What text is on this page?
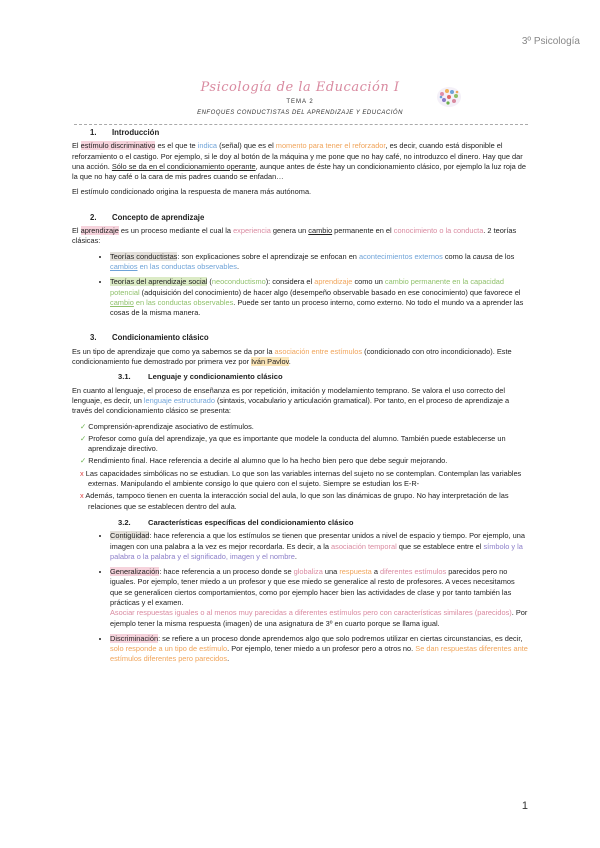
3º Psicología
Psicología de la Educación I
TEMA 2
ENFOQUES CONDUCTISTAS DEL APRENDIZAJE Y EDUCACIÓN
1. Introducción

El estímulo discriminativo es el que te indica (señal) que es el momento para tener el reforzador, es decir, cuando está disponible el reforzamiento o el castigo. Por ejemplo, si le doy al botón de la máquina y me pone que no hay café, no introduzco el dinero. Hay que dar una acción. Sólo se da en el condicionamiento operante, aunque antes de éste hay un condicionamiento clásico, por ejemplo la luz roja de la que no hay café o la cara de mis padres cuando se enfadan…

El estímulo condicionado origina la respuesta de manera más autónoma.

2. Concepto de aprendizaje

El aprendizaje es un proceso mediante el cual la experiencia genera un cambio permanente en el conocimiento o la conducta. 2 teorías clásicas:

• Teorías conductistas: son explicaciones sobre el aprendizaje se enfocan en acontecimientos externos como la causa de los cambios en las conductas observables.
• Teorías del aprendizaje social (neoconductismo): considera el aprendizaje como un cambio permanente en la capacidad potencial (adquisición del conocimiento) de hacer algo (desempeño observable basado en ese conocimiento) que favorece el cambio en las conductas observables. Puede ser tanto un proceso interno, como externo. No todo el mundo va a aprender las cosas de la misma manera.
3. Condicionamiento clásico

Es un tipo de aprendizaje que como ya sabemos se da por la asociación entre estímulos (condicionado con otro incondicionado). Este condicionamiento fue demostrado por primera vez por Iván Pavlov.

3.1. Lenguaje y condicionamiento clásico

En cuanto al lenguaje, el proceso de enseñanza es por repetición, imitación y modelamiento temprano. Se valora el uso correcto del lenguaje, es decir, un lenguaje estructurado (sintaxis, vocabulario y articulación gramatical). Por tanto, en el proceso de aprendizaje a través del condicionamiento clásico se presenta:

✓ Comprensión-aprendizaje asociativo de estímulos.
✓ Profesor como guía del aprendizaje, ya que es importante que modele la conducta del alumno. También puede establecerse un aprendizaje directivo.
✓ Rendimiento final. Hace referencia a decirle al alumno que lo ha hecho bien pero que debe seguir mejorando.
x Las capacidades simbólicas no se estudian. Lo que son las variables internas del sujeto no se contemplan. Contemplan las variables externas. Manipulando el ambiente consigo lo que quiero con el sujeto. Siempre se estudian los E-R-
x Además, tampoco tienen en cuenta la interacción social del aula, lo que son las dinámicas de grupo. No hay interpretación de las relaciones que se establecen dentro del aula.
3.2. Características específicas del condicionamiento clásico
• Contigüidad: hace referencia a que los estímulos se tienen que presentar unidos a nivel de espacio y tiempo. Por ejemplo, una imagen con una palabra a la vez es mejor recordarla. Es decir, a la asociación temporal que se establece entre el símbolo y la palabra o la palabra y el significado, imagen y el nombre.
• Generalización: hace referencia a un proceso donde se globaliza una respuesta a diferentes estímulos parecidos pero no iguales. Por ejemplo, tener miedo a un profesor y que ese miedo se generalice al resto de profesores. A veces necesitamos que se generalicen ciertos comportamientos, como por ejemplo hacer bien las actividades de clase y por tanto también las prácticas y el examen.
Asociar respuestas iguales o al menos muy parecidas a diferentes estímulos pero con características similares (parecidos). Por ejemplo tener la misma respuesta (imagen) de una asignatura de 3º en cuarto porque se llama igual.
• Discriminación: se refiere a un proceso donde aprendemos algo que solo podremos utilizar en ciertas circunstancias, es decir, solo responde a un tipo de estímulo. Por ejemplo, tener miedo a un profesor pero a otros no. Se dan respuestas diferentes ante estímulos diferentes pero parecidos.
1
